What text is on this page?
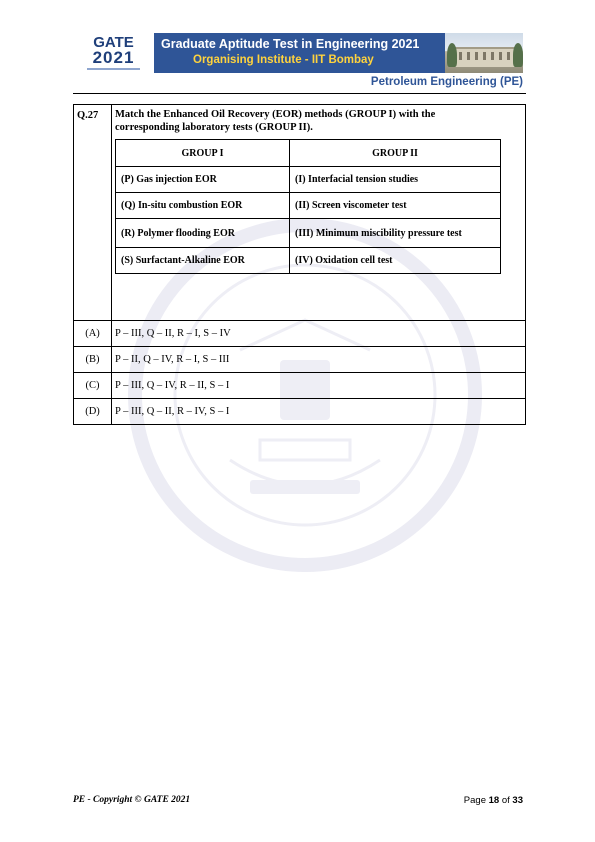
GATE
2021
Graduate Aptitude Test in Engineering 2021
Organising Institute - IIT Bombay
Petroleum Engineering (PE)
Q.27	Match the Enhanced Oil Recovery (EOR) methods (GROUP I) with the corresponding laboratory tests (GROUP II).
GROUP I	GROUP II
(P) Gas injection EOR	(I) Interfacial tension studies
(Q) In-situ combustion EOR	(II) Screen viscometer test
(R) Polymer flooding EOR	(III) Minimum miscibility pressure test
(S) Surfactant-Alkaline EOR	(IV) Oxidation cell test

(A)	P – III, Q – II, R – I, S – IV
(B)	P – II, Q – IV, R – I, S – III
(C)	P – III, Q – IV, R – II, S – I
(D)	P – III, Q – II, R – IV, S – I
PE - Copyright © GATE 2021	Page 18 of 33
